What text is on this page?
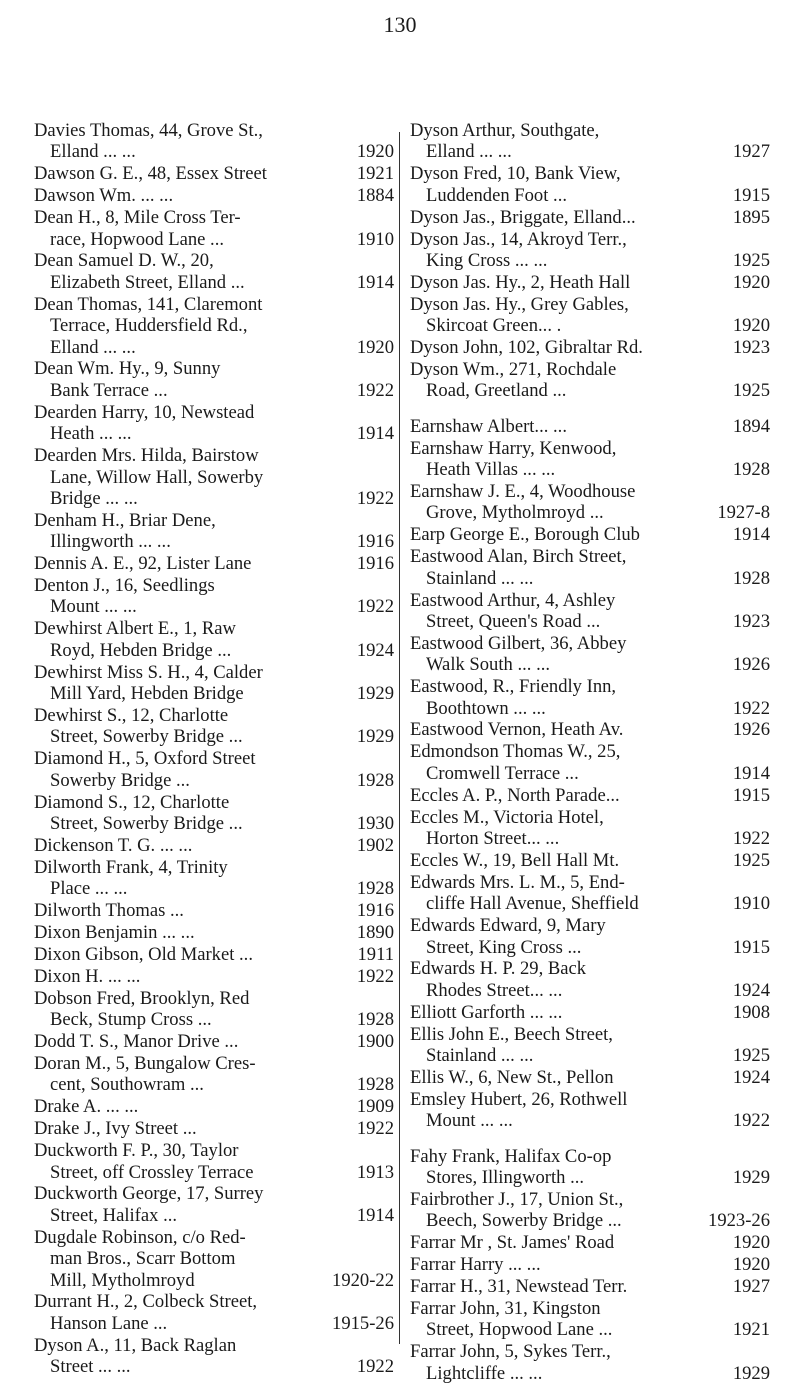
130
Davies Thomas, 44, Grove St.,
Elland ... ...	1920
Dawson G. E., 48, Essex Street	1921
Dawson Wm. ... ...	1884
Dean H., 8, Mile Cross Ter-
race, Hopwood Lane ...	1910
Dean Samuel D. W., 20,
Elizabeth Street, Elland ...	1914
Dean Thomas, 141, Claremont
Terrace, Huddersfield Rd.,
Elland ... ...	1920
Dean Wm. Hy., 9, Sunny
Bank Terrace ...	1922
Dearden Harry, 10, Newstead
Heath ... ...	1914
Dearden Mrs. Hilda, Bairstow
Lane, Willow Hall, Sowerby
Bridge ... ...	1922
Denham H., Briar Dene,
Illingworth ... ...	1916
Dennis A. E., 92, Lister Lane	1916
Denton J., 16, Seedlings
Mount ... ...	1922
Dewhirst Albert E., 1, Raw
Royd, Hebden Bridge ...	1924
Dewhirst Miss S. H., 4, Calder
Mill Yard, Hebden Bridge	1929
Dewhirst S., 12, Charlotte
Street, Sowerby Bridge ...	1929
Diamond H., 5, Oxford Street
Sowerby Bridge ...	1928
Diamond S., 12, Charlotte
Street, Sowerby Bridge ...	1930
Dickenson T. G. ... ...	1902
Dilworth Frank, 4, Trinity
Place ... ...	1928
Dilworth Thomas ...	1916
Dixon Benjamin ... ...	1890
Dixon Gibson, Old Market ...	1911
Dixon H. ... ...	1922
Dobson Fred, Brooklyn, Red
Beck, Stump Cross ...	1928
Dodd T. S., Manor Drive ...	1900
Doran M., 5, Bungalow Cres-
cent, Southowram ...	1928
Drake A. ... ...	1909
Drake J., Ivy Street ...	1922
Duckworth F. P., 30, Taylor
Street, off Crossley Terrace	1913
Duckworth George, 17, Surrey
Street, Halifax ...	1914
Dugdale Robinson, c/o Red-
man Bros., Scarr Bottom
Mill, Mytholmroyd	1920-22
Durrant H., 2, Colbeck Street,
Hanson Lane ...	1915-26
Dyson A., 11, Back Raglan
Street ... ...	1922
Dyson Arthur, Southgate,
Elland ... ...	1927
Dyson Fred, 10, Bank View,
Luddenden Foot ...	1915
Dyson Jas., Briggate, Elland...	1895
Dyson Jas., 14, Akroyd Terr.,
King Cross ... ...	1925
Dyson Jas. Hy., 2, Heath Hall	1920
Dyson Jas. Hy., Grey Gables,
Skircoat Green... .	1920
Dyson John, 102, Gibraltar Rd.	1923
Dyson Wm., 271, Rochdale
Road, Greetland ...	1925
Earnshaw Albert... ...	1894
Earnshaw Harry, Kenwood,
Heath Villas ... ...	1928
Earnshaw J. E., 4, Woodhouse
Grove, Mytholmroyd ...	1927-8
Earp George E., Borough Club	1914
Eastwood Alan, Birch Street,
Stainland ... ...	1928
Eastwood Arthur, 4, Ashley
Street, Queen's Road ...	1923
Eastwood Gilbert, 36, Abbey
Walk South ... ...	1926
Eastwood, R., Friendly Inn,
Boothtown ... ...	1922
Eastwood Vernon, Heath Av.	1926
Edmondson Thomas W., 25,
Cromwell Terrace ...	1914
Eccles A. P., North Parade...	1915
Eccles M., Victoria Hotel,
Horton Street... ...	1922
Eccles W., 19, Bell Hall Mt.	1925
Edwards Mrs. L. M., 5, End-
cliffe Hall Avenue, Sheffield	1910
Edwards Edward, 9, Mary
Street, King Cross ...	1915
Edwards H. P. 29, Back
Rhodes Street... ...	1924
Elliott Garforth ... ...	1908
Ellis John E., Beech Street,
Stainland ... ...	1925
Ellis W., 6, New St., Pellon	1924
Emsley Hubert, 26, Rothwell
Mount ... ...	1922
Fahy Frank, Halifax Co-op
Stores, Illingworth ...	1929
Fairbrother J., 17, Union St.,
Beech, Sowerby Bridge ...	1923-26
Farrar Mr , St. James' Road	1920
Farrar Harry ... ...	1920
Farrar H., 31, Newstead Terr.	1927
Farrar John, 31, Kingston
Street, Hopwood Lane ...	1921
Farrar John, 5, Sykes Terr.,
Lightcliffe ... ...	1929
